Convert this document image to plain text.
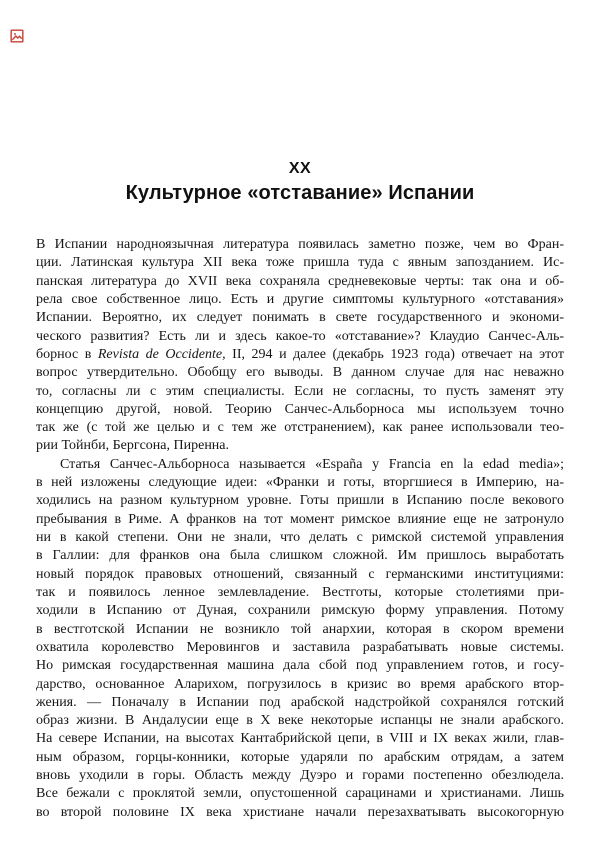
XX
Культурное «отставание» Испании
В Испании народноязычная литература появилась заметно позже, чем во Фран-
ции. Латинская культура XII века тоже пришла туда с явным запозданием. Ис-
панская литература до XVII века сохраняла средневековые черты: так она и об-
рела свое собственное лицо. Есть и другие симптомы культурного «отставания»
Испании. Вероятно, их следует понимать в свете государственного и экономи-
ческого развития? Есть ли и здесь какое-то «отставание»? Клаудио Санчес-Аль-
борнос в Revista de Occidente, II, 294 и далее (декабрь 1923 года) отвечает на этот
вопрос утвердительно. Обобщу его выводы. В данном случае для нас неважно
то, согласны ли с этим специалисты. Если не согласны, то пусть заменят эту
концепцию другой, новой. Теорию Санчес-Альборноса мы используем точно
так же (с той же целью и с тем же отстранением), как ранее использовали тео-
рии Тойнби, Бергсона, Пиренна.
Статья Санчес-Альборноса называется «España y Francia en la edad media»;
в ней изложены следующие идеи: «Франки и готы, вторгшиеся в Империю, на-
ходились на разном культурном уровне. Готы пришли в Испанию после векового
пребывания в Риме. А франков на тот момент римское влияние еще не затронуло
ни в какой степени. Они не знали, что делать с римской системой управления
в Галлии: для франков она была слишком сложной. Им пришлось выработать
новый порядок правовых отношений, связанный с германскими институциями:
так и появилось ленное землевладение. Вестготы, которые столетиями при-
ходили в Испанию от Дуная, сохранили римскую форму управления. Потому
в вестготской Испании не возникло той анархии, которая в скором времени
охватила королевство Меровингов и заставила разрабатывать новые системы.
Но римская государственная машина дала сбой под управлением готов, и госу-
дарство, основанное Аларихом, погрузилось в кризис во время арабского втор-
жения. — Поначалу в Испании под арабской надстройкой сохранялся готский
образ жизни. В Андалусии еще в X веке некоторые испанцы не знали арабского.
На севере Испании, на высотах Кантабрийской цепи, в VIII и IX веках жили, глав-
ным образом, горцы-конники, которые ударяли по арабским отрядам, а затем
вновь уходили в горы. Область между Дуэро и горами постепенно обезлюдела.
Все бежали с проклятой земли, опустошенной сарацинами и христианами. Лишь
во второй половине IX века христиане начали перезахватывать высокогорную
